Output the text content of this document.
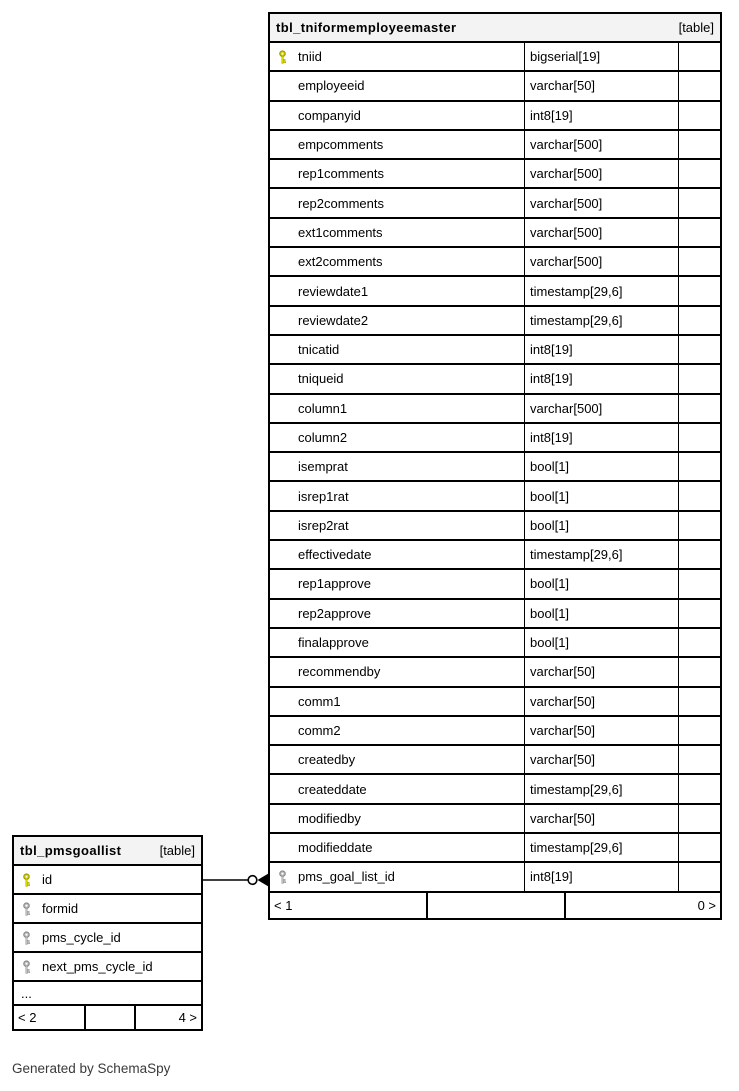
tbl_tniformemployeemaster	[table]
tniid	bigserial[19]
employeeid	varchar[50]
companyid	int8[19]
empcomments	varchar[500]
rep1comments	varchar[500]
rep2comments	varchar[500]
ext1comments	varchar[500]
ext2comments	varchar[500]
reviewdate1	timestamp[29,6]
reviewdate2	timestamp[29,6]
tnicatid	int8[19]
tniqueid	int8[19]
column1	varchar[500]
column2	int8[19]
isemprat	bool[1]
isrep1rat	bool[1]
isrep2rat	bool[1]
effectivedate	timestamp[29,6]
rep1approve	bool[1]
rep2approve	bool[1]
finalapprove	bool[1]
recommendby	varchar[50]
comm1	varchar[50]
comm2	varchar[50]
createdby	varchar[50]
createddate	timestamp[29,6]
modifiedby	varchar[50]
modifieddate	timestamp[29,6]
pms_goal_list_id	int8[19]
< 1	0 >
tbl_pmsgoallist	[table]
id
formid
pms_cycle_id
next_pms_cycle_id
...
< 2	4 >
Generated by SchemaSpy
